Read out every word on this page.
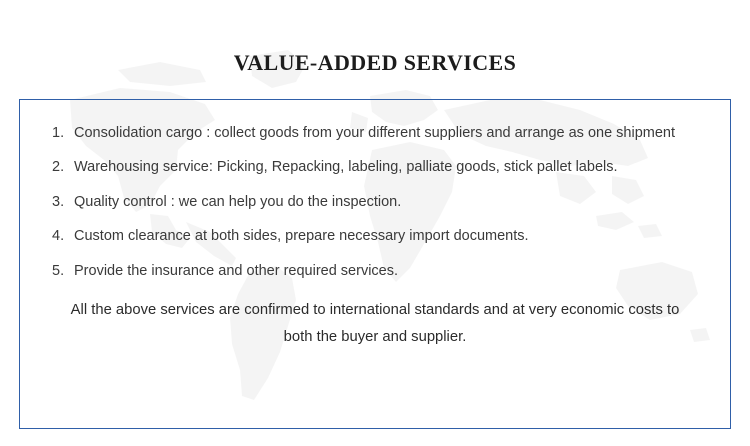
VALUE-ADDED SERVICES
1. Consolidation cargo : collect goods from your different suppliers and arrange as one shipment
2. Warehousing service: Picking, Repacking, labeling, palliate goods, stick pallet labels.
3. Quality control : we can help you do the inspection.
4. Custom clearance at both sides, prepare necessary import documents.
5. Provide the insurance and other required services.

All the above services are confirmed to international standards and at very economic costs to both the buyer and supplier.
